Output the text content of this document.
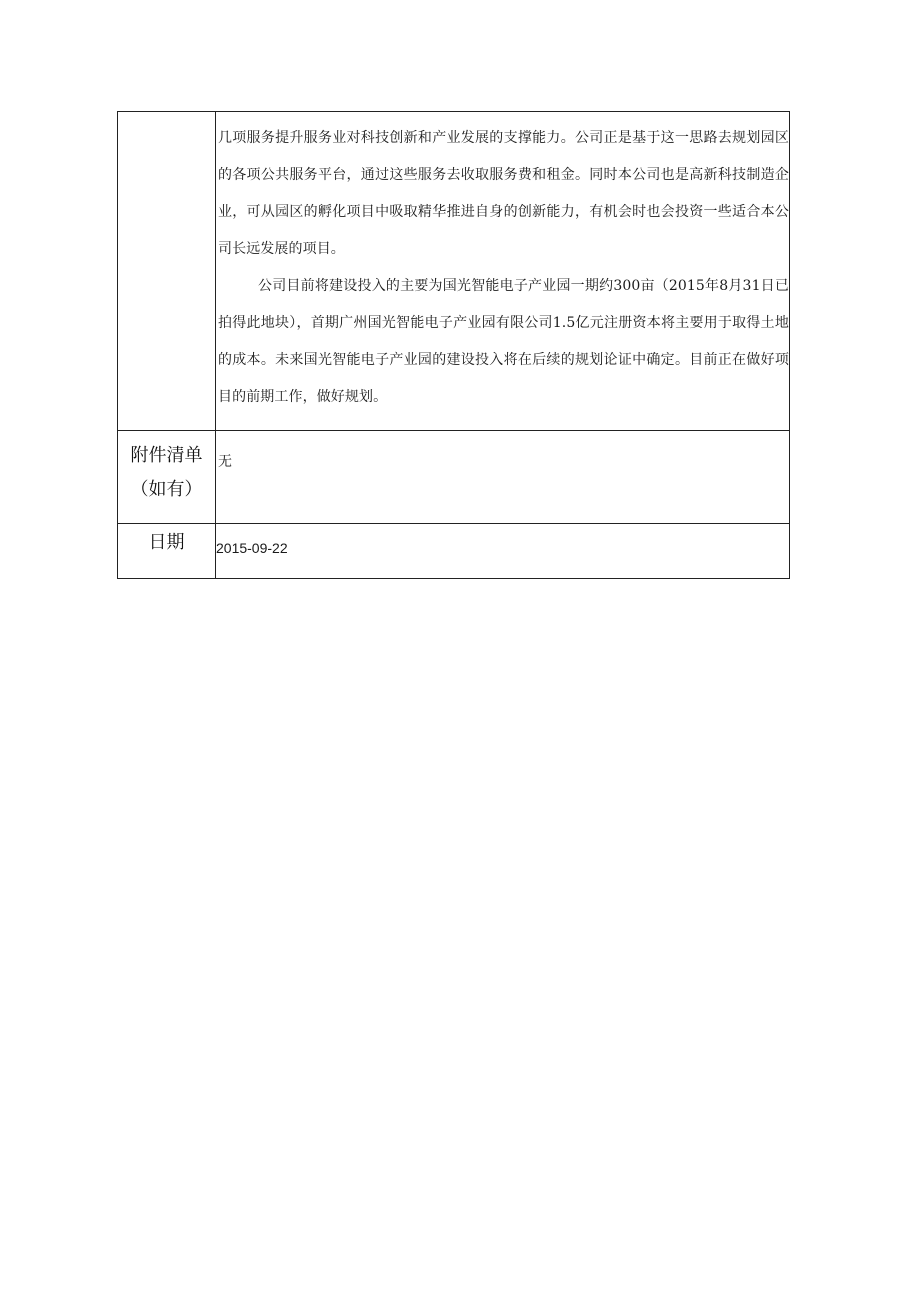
	几项服务提升服务业对科技创新和产业发展的支撑能力。公司正是基于这一思路去规划园区的各项公共服务平台，通过这些服务去收取服务费和租金。同时本公司也是高新科技制造企业，可从园区的孵化项目中吸取精华推进自身的创新能力，有机会时也会投资一些适合本公司长远发展的项目。

公司目前将建设投入的主要为国光智能电子产业园一期约300亩（2015年8月31日已拍得此地块），首期广州国光智能电子产业园有限公司1.5亿元注册资本将主要用于取得土地的成本。未来国光智能电子产业园的建设投入将在后续的规划论证中确定。目前正在做好项目的前期工作，做好规划。

附件清单
（如有）	无
日期	2015-09-22
